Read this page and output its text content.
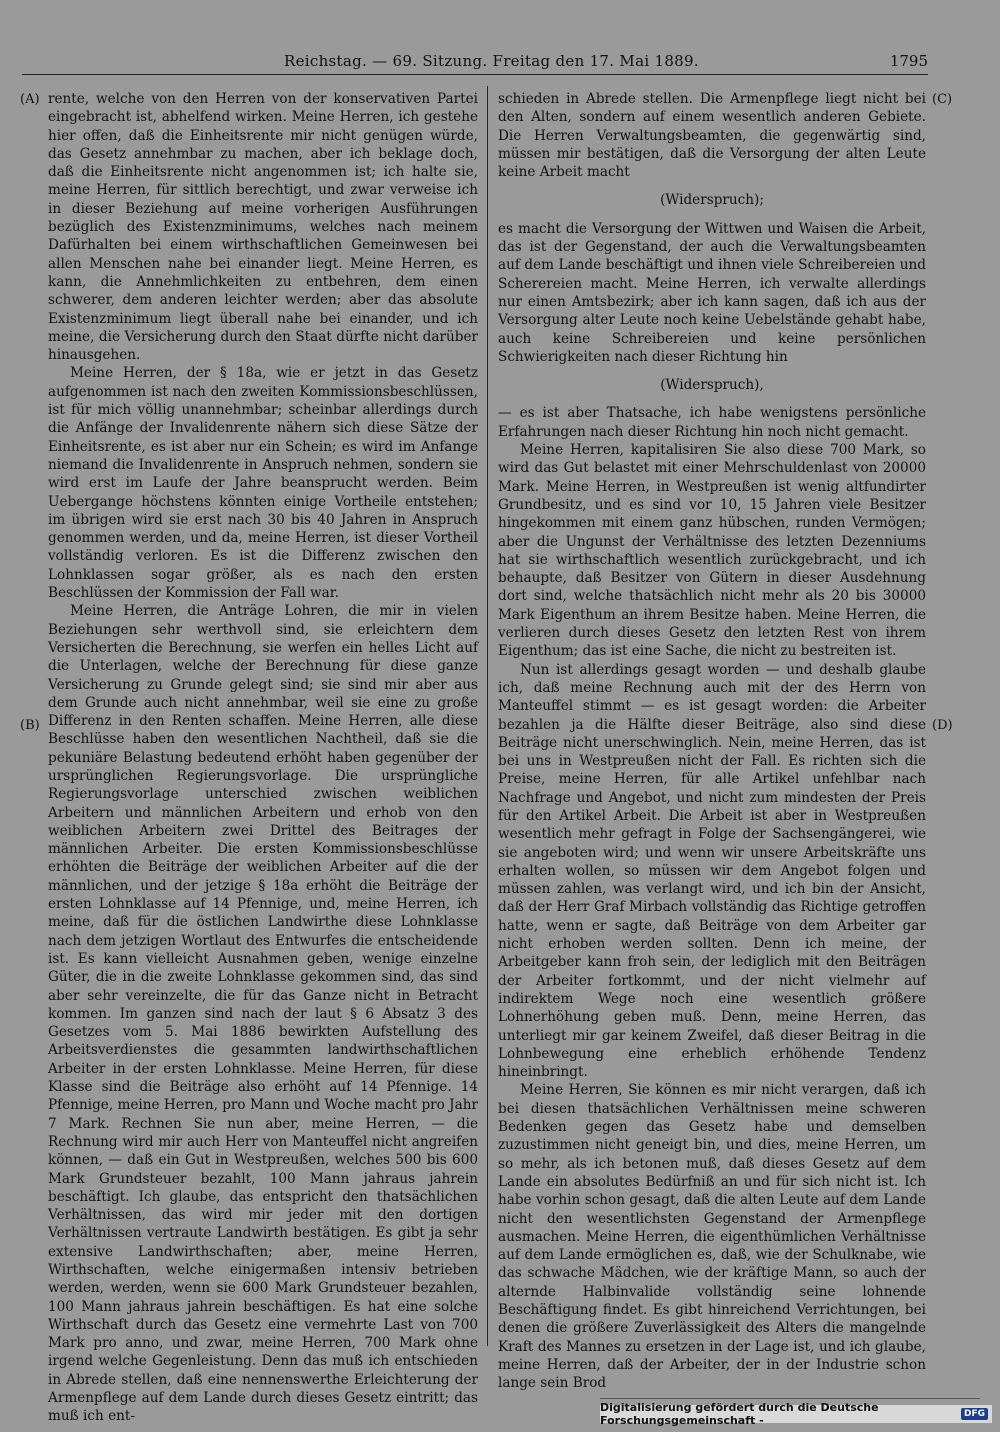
Reichstag. — 69. Sitzung. Freitag den 17. Mai 1889.	1795
(A)
(B)
(C)
(D)

rente, welche von den Herren von der konservativen Partei eingebracht ist, abhelfend wirken. Meine Herren, ich gestehe hier offen, daß die Einheitsrente mir nicht genügen würde, das Gesetz annehmbar zu machen, aber ich beklage doch, daß die Einheitsrente nicht angenommen ist; ich halte sie, meine Herren, für sittlich berechtigt, und zwar verweise ich in dieser Beziehung auf meine vorherigen Ausführungen bezüglich des Existenzminimums, welches nach meinem Dafürhalten bei einem wirthschaftlichen Gemeinwesen bei allen Menschen nahe bei einander liegt. Meine Herren, es kann, die Annehmlichkeiten zu entbehren, dem einen schwerer, dem anderen leichter werden; aber das absolute Existenzminimum liegt überall nahe bei einander, und ich meine, die Versicherung durch den Staat dürfte nicht darüber hinausgehen.

Meine Herren, der § 18a, wie er jetzt in das Gesetz aufgenommen ist nach den zweiten Kommissionsbeschlüssen, ist für mich völlig unannehmbar; scheinbar allerdings durch die Anfänge der Invalidenrente nähern sich diese Sätze der Einheitsrente, es ist aber nur ein Schein; es wird im Anfange niemand die Invalidenrente in Anspruch nehmen, sondern sie wird erst im Laufe der Jahre beansprucht werden. Beim Uebergange höchstens könnten einige Vortheile entstehen; im übrigen wird sie erst nach 30 bis 40 Jahren in Anspruch genommen werden, und da, meine Herren, ist dieser Vortheil vollständig verloren. Es ist die Differenz zwischen den Lohnklassen sogar größer, als es nach den ersten Beschlüssen der Kommission der Fall war.

Meine Herren, die Anträge Lohren, die mir in vielen Beziehungen sehr werthvoll sind, sie erleichtern dem Versicherten die Berechnung, sie werfen ein helles Licht auf die Unterlagen, welche der Berechnung für diese ganze Versicherung zu Grunde gelegt sind; sie sind mir aber aus dem Grunde auch nicht annehmbar, weil sie eine zu große Differenz in den Renten schaffen. Meine Herren, alle diese Beschlüsse haben den wesentlichen Nachtheil, daß sie die pekuniäre Belastung bedeutend erhöht haben gegenüber der ursprünglichen Regierungsvorlage. Die ursprüngliche Regierungsvorlage unterschied zwischen weiblichen Arbeitern und männlichen Arbeitern und erhob von den weiblichen Arbeitern zwei Drittel des Beitrages der männlichen Arbeiter. Die ersten Kommissionsbeschlüsse erhöhten die Beiträge der weiblichen Arbeiter auf die der männlichen, und der jetzige § 18a erhöht die Beiträge der ersten Lohnklasse auf 14 Pfennige, und, meine Herren, ich meine, daß für die östlichen Landwirthe diese Lohnklasse nach dem jetzigen Wortlaut des Entwurfes die entscheidende ist. Es kann vielleicht Ausnahmen geben, wenige einzelne Güter, die in die zweite Lohnklasse gekommen sind, das sind aber sehr vereinzelte, die für das Ganze nicht in Betracht kommen. Im ganzen sind nach der laut § 6 Absatz 3 des Gesetzes vom 5. Mai 1886 bewirkten Aufstellung des Arbeitsverdienstes die gesammten landwirthschaftlichen Arbeiter in der ersten Lohnklasse. Meine Herren, für diese Klasse sind die Beiträge also erhöht auf 14 Pfennige. 14 Pfennige, meine Herren, pro Mann und Woche macht pro Jahr 7 Mark. Rechnen Sie nun aber, meine Herren, — die Rechnung wird mir auch Herr von Manteuffel nicht angreifen können, — daß ein Gut in Westpreußen, welches 500 bis 600 Mark Grundsteuer bezahlt, 100 Mann jahraus jahrein beschäftigt. Ich glaube, das entspricht den thatsächlichen Verhältnissen, das wird mir jeder mit den dortigen Verhältnissen vertraute Landwirth bestätigen. Es gibt ja sehr extensive Landwirthschaften; aber, meine Herren, Wirthschaften, welche einigermaßen intensiv betrieben werden, werden, wenn sie 600 Mark Grundsteuer bezahlen, 100 Mann jahraus jahrein beschäftigen. Es hat eine solche Wirthschaft durch das Gesetz eine vermehrte Last von 700 Mark pro anno, und zwar, meine Herren, 700 Mark ohne irgend welche Gegenleistung. Denn das muß ich entschieden in Abrede stellen, daß eine nennenswerthe Erleichterung der Armenpflege auf dem Lande durch dieses Gesetz eintritt; das muß ich ent-

schieden in Abrede stellen. Die Armenpflege liegt nicht bei den Alten, sondern auf einem wesentlich anderen Gebiete. Die Herren Verwaltungsbeamten, die gegenwärtig sind, müssen mir bestätigen, daß die Versorgung der alten Leute keine Arbeit macht

(Widerspruch);

es macht die Versorgung der Wittwen und Waisen die Arbeit, das ist der Gegenstand, der auch die Verwaltungsbeamten auf dem Lande beschäftigt und ihnen viele Schreibereien und Scherereien macht. Meine Herren, ich verwalte allerdings nur einen Amtsbezirk; aber ich kann sagen, daß ich aus der Versorgung alter Leute noch keine Uebelstände gehabt habe, auch keine Schreibereien und keine persönlichen Schwierigkeiten nach dieser Richtung hin

(Widerspruch),

— es ist aber Thatsache, ich habe wenigstens persönliche Erfahrungen nach dieser Richtung hin noch nicht gemacht.

Meine Herren, kapitalisiren Sie also diese 700 Mark, so wird das Gut belastet mit einer Mehrschuldenlast von 20000 Mark. Meine Herren, in Westpreußen ist wenig altfundirter Grundbesitz, und es sind vor 10, 15 Jahren viele Besitzer hingekommen mit einem ganz hübschen, runden Vermögen; aber die Ungunst der Verhältnisse des letzten Dezenniums hat sie wirthschaftlich wesentlich zurückgebracht, und ich behaupte, daß Besitzer von Gütern in dieser Ausdehnung dort sind, welche thatsächlich nicht mehr als 20 bis 30000 Mark Eigenthum an ihrem Besitze haben. Meine Herren, die verlieren durch dieses Gesetz den letzten Rest von ihrem Eigenthum; das ist eine Sache, die nicht zu bestreiten ist.

Nun ist allerdings gesagt worden — und deshalb glaube ich, daß meine Rechnung auch mit der des Herrn von Manteuffel stimmt — es ist gesagt worden: die Arbeiter bezahlen ja die Hälfte dieser Beiträge, also sind diese Beiträge nicht unerschwinglich. Nein, meine Herren, das ist bei uns in Westpreußen nicht der Fall. Es richten sich die Preise, meine Herren, für alle Artikel unfehlbar nach Nachfrage und Angebot, und nicht zum mindesten der Preis für den Artikel Arbeit. Die Arbeit ist aber in Westpreußen wesentlich mehr gefragt in Folge der Sachsengängerei, wie sie angeboten wird; und wenn wir unsere Arbeitskräfte uns erhalten wollen, so müssen wir dem Angebot folgen und müssen zahlen, was verlangt wird, und ich bin der Ansicht, daß der Herr Graf Mirbach vollständig das Richtige getroffen hatte, wenn er sagte, daß Beiträge von dem Arbeiter gar nicht erhoben werden sollten. Denn ich meine, der Arbeitgeber kann froh sein, der lediglich mit den Beiträgen der Arbeiter fortkommt, und der nicht vielmehr auf indirektem Wege noch eine wesentlich größere Lohnerhöhung geben muß. Denn, meine Herren, das unterliegt mir gar keinem Zweifel, daß dieser Beitrag in die Lohnbewegung eine erheblich erhöhende Tendenz hineinbringt.

Meine Herren, Sie können es mir nicht verargen, daß ich bei diesen thatsächlichen Verhältnissen meine schweren Bedenken gegen das Gesetz habe und demselben zuzustimmen nicht geneigt bin, und dies, meine Herren, um so mehr, als ich betonen muß, daß dieses Gesetz auf dem Lande ein absolutes Bedürfniß an und für sich nicht ist. Ich habe vorhin schon gesagt, daß die alten Leute auf dem Lande nicht den wesentlichsten Gegenstand der Armenpflege ausmachen. Meine Herren, die eigenthümlichen Verhältnisse auf dem Lande ermöglichen es, daß, wie der Schulknabe, wie das schwache Mädchen, wie der kräftige Mann, so auch der alternde Halbinvalide vollständig seine lohnende Beschäftigung findet. Es gibt hinreichend Verrichtungen, bei denen die größere Zuverlässigkeit des Alters die mangelnde Kraft des Mannes zu ersetzen in der Lage ist, und ich glaube, meine Herren, daß der Arbeiter, der in der Industrie schon lange sein Brod

Digitalisierung gefördert durch die Deutsche Forschungsgemeinschaft -	DFG
